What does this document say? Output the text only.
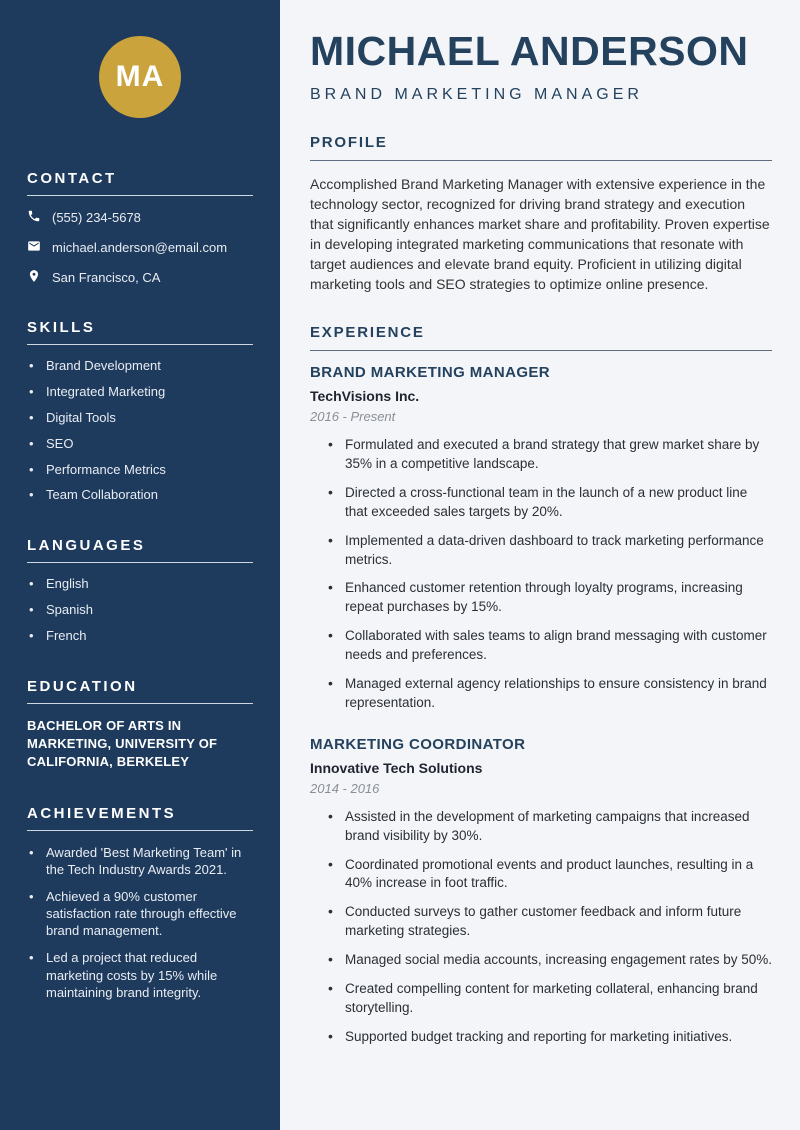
MA
CONTACT
(555) 234-5678
michael.anderson@email.com
San Francisco, CA
SKILLS
• Brand Development
• Integrated Marketing
• Digital Tools
• SEO
• Performance Metrics
• Team Collaboration
LANGUAGES
• English
• Spanish
• French
EDUCATION
BACHELOR OF ARTS IN MARKETING, UNIVERSITY OF CALIFORNIA, BERKELEY
ACHIEVEMENTS
• Awarded 'Best Marketing Team' in the Tech Industry Awards 2021.
• Achieved a 90% customer satisfaction rate through effective brand management.
• Led a project that reduced marketing costs by 15% while maintaining brand integrity.
MICHAEL ANDERSON
BRAND MARKETING MANAGER
PROFILE

Accomplished Brand Marketing Manager with extensive experience in the technology sector, recognized for driving brand strategy and execution that significantly enhances market share and profitability. Proven expertise in developing integrated marketing communications that resonate with target audiences and elevate brand equity. Proficient in utilizing digital marketing tools and SEO strategies to optimize online presence.

EXPERIENCE
BRAND MARKETING MANAGER
TechVisions Inc.
2016 - Present
• Formulated and executed a brand strategy that grew market share by 35% in a competitive landscape.
• Directed a cross-functional team in the launch of a new product line that exceeded sales targets by 20%.
• Implemented a data-driven dashboard to track marketing performance metrics.
• Enhanced customer retention through loyalty programs, increasing repeat purchases by 15%.
• Collaborated with sales teams to align brand messaging with customer needs and preferences.
• Managed external agency relationships to ensure consistency in brand representation.
MARKETING COORDINATOR
Innovative Tech Solutions
2014 - 2016
• Assisted in the development of marketing campaigns that increased brand visibility by 30%.
• Coordinated promotional events and product launches, resulting in a 40% increase in foot traffic.
• Conducted surveys to gather customer feedback and inform future marketing strategies.
• Managed social media accounts, increasing engagement rates by 50%.
• Created compelling content for marketing collateral, enhancing brand storytelling.
• Supported budget tracking and reporting for marketing initiatives.
